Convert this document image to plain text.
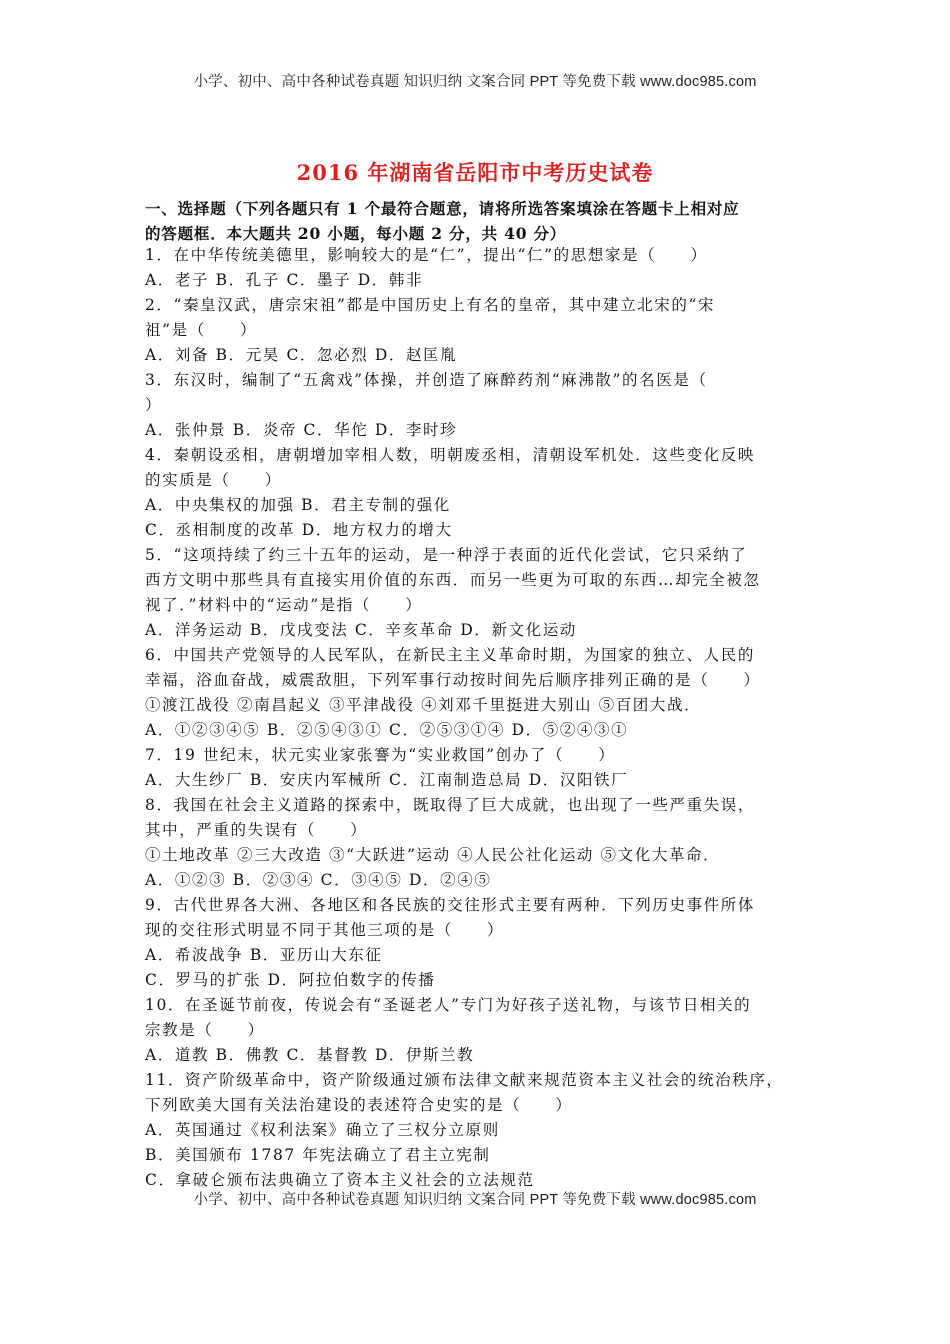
小学、初中、高中各种试卷真题 知识归纳 文案合同 PPT 等免费下载 www.doc985.com
2016 年湖南省岳阳市中考历史试卷
一、选择题（下列各题只有 1 个最符合题意，请将所选答案填涂在答题卡上相对应
的答题框．本大题共 20 小题，每小题 2 分，共 40 分）
1．在中华传统美德里，影响较大的是“仁”，提出“仁”的思想家是（　　）
A．老子 B．孔子 C．墨子 D．韩非
2．“秦皇汉武，唐宗宋祖”都是中国历史上有名的皇帝，其中建立北宋的“宋
祖”是（　　）
A．刘备 B．元昊 C．忽必烈 D．赵匡胤
3．东汉时，编制了“五禽戏”体操，并创造了麻醉药剂“麻沸散”的名医是（
）
A．张仲景 B．炎帝 C．华佗 D．李时珍
4．秦朝设丞相，唐朝增加宰相人数，明朝废丞相，清朝设军机处．这些变化反映
的实质是（　　）
A．中央集权的加强 B．君主专制的强化
C．丞相制度的改革 D．地方权力的增大
5．“这项持续了约三十五年的运动，是一种浮于表面的近代化尝试，它只采纳了
西方文明中那些具有直接实用价值的东西．而另一些更为可取的东西…却完全被忽
视了．”材料中的“运动”是指（　　）
A．洋务运动 B．戊戌变法 C．辛亥革命 D．新文化运动
6．中国共产党领导的人民军队，在新民主主义革命时期，为国家的独立、人民的
幸福，浴血奋战，威震敌胆，下列军事行动按时间先后顺序排列正确的是（　　）
①渡江战役 ②南昌起义 ③平津战役 ④刘邓千里挺进大别山 ⑤百团大战．
A．①②③④⑤ B．②⑤④③① C．②⑤③①④ D．⑤②④③①
7．19 世纪末，状元实业家张謇为“实业救国”创办了（　　）
A．大生纱厂 B．安庆内军械所 C．江南制造总局 D．汉阳铁厂
8．我国在社会主义道路的探索中，既取得了巨大成就，也出现了一些严重失误，
其中，严重的失误有（　　）
①土地改革 ②三大改造 ③“大跃进”运动 ④人民公社化运动 ⑤文化大革命．
A．①②③ B．②③④ C．③④⑤ D．②④⑤
9．古代世界各大洲、各地区和各民族的交往形式主要有两种．下列历史事件所体
现的交往形式明显不同于其他三项的是（　　）
A．希波战争 B．亚历山大东征
C．罗马的扩张 D．阿拉伯数字的传播
10．在圣诞节前夜，传说会有“圣诞老人”专门为好孩子送礼物，与该节日相关的
宗教是（　　）
A．道教 B．佛教 C．基督教 D．伊斯兰教
11．资产阶级革命中，资产阶级通过颁布法律文献来规范资本主义社会的统治秩序，
下列欧美大国有关法治建设的表述符合史实的是（　　）
A．英国通过《权利法案》确立了三权分立原则
B．美国颁布 1787 年宪法确立了君主立宪制
C．拿破仑颁布法典确立了资本主义社会的立法规范
小学、初中、高中各种试卷真题 知识归纳 文案合同 PPT 等免费下载 www.doc985.com
